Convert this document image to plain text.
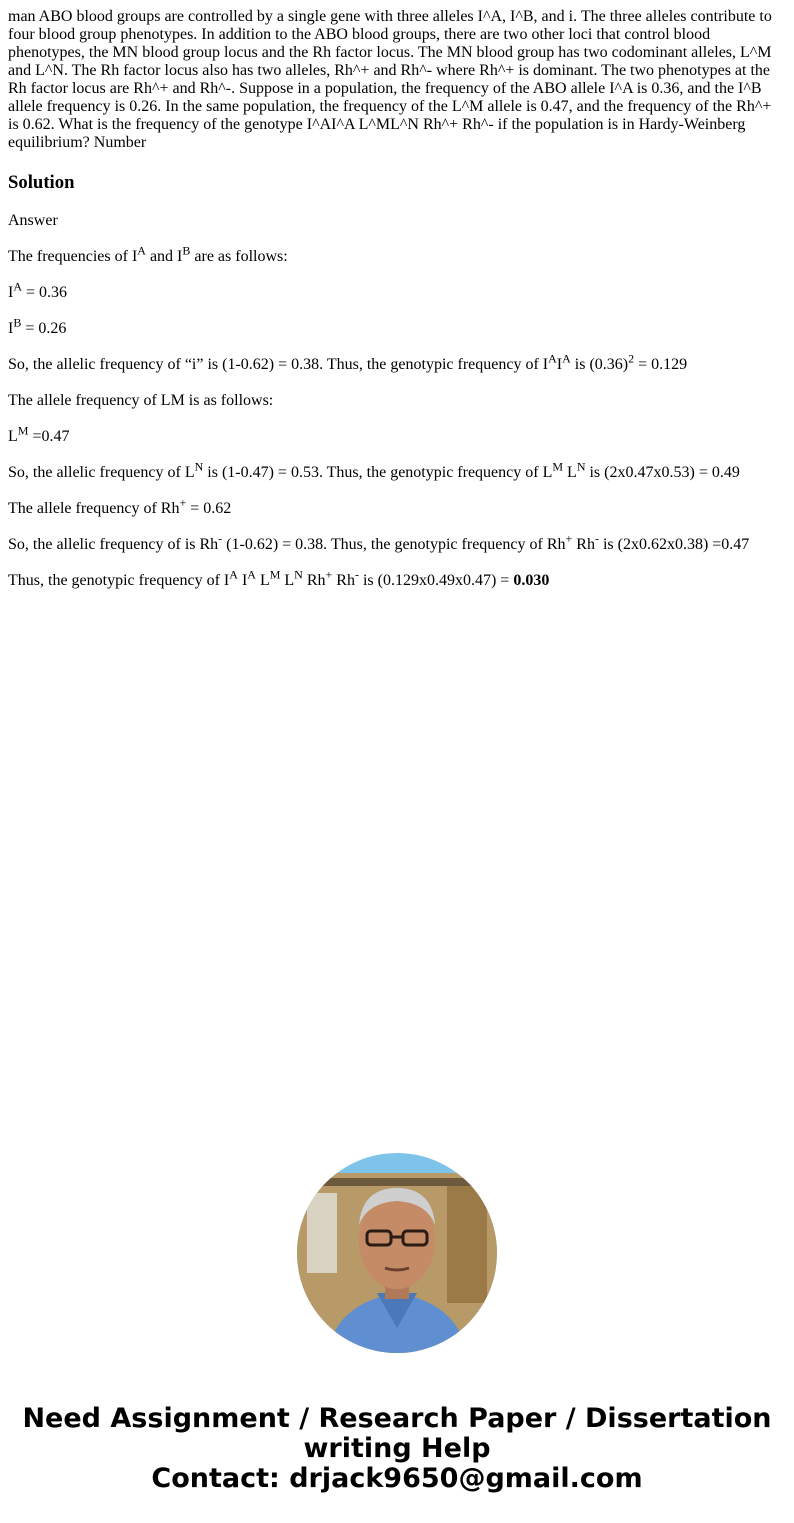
man ABO blood groups are controlled by a single gene with three alleles I^A, I^B, and i. The three alleles contribute to four blood group phenotypes. In addition to the ABO blood groups, there are two other loci that control blood phenotypes, the MN blood group locus and the Rh factor locus. The MN blood group has two codominant alleles, L^M and L^N. The Rh factor locus also has two alleles, Rh^+ and Rh^- where Rh^+ is dominant. The two phenotypes at the Rh factor locus are Rh^+ and Rh^-. Suppose in a population, the frequency of the ABO allele I^A is 0.36, and the I^B allele frequency is 0.26. In the same population, the frequency of the L^M allele is 0.47, and the frequency of the Rh^+ is 0.62. What is the frequency of the genotype I^AI^A L^ML^N Rh^+ Rh^- if the population is in Hardy-Weinberg equilibrium? Number
Solution

Answer

The frequencies of $I^A$ and $I^B$ are as follows:

$I^A = 0.36$

$I^B = 0.26$

So, the allelic frequency of “i” is (1-0.62) = 0.38. Thus, the genotypic frequency of $I^AI^A$ is $(0.36)^2 = 0.129$

The allele frequency of LM is as follows:

$L^M =0.47$

So, the allelic frequency of $L^N$ is (1-0.47) = 0.53. Thus, the genotypic frequency of $L^M$ $L^N$ is (2x0.47x0.53) = 0.49

The allele frequency of Rh+ = 0.62

So, the allelic frequency of is Rh- (1-0.62) = 0.38. Thus, the genotypic frequency of Rh+ Rh- is (2x0.62x0.38) =0.47

Thus, the genotypic frequency of $I^A$ $I^A$ $L^M$ $L^N$ Rh+ Rh- is (0.129x0.49x0.47) = 0.030

Need Assignment / Research Paper / Dissertation
writing Help
Contact: drjack9650@gmail.com
